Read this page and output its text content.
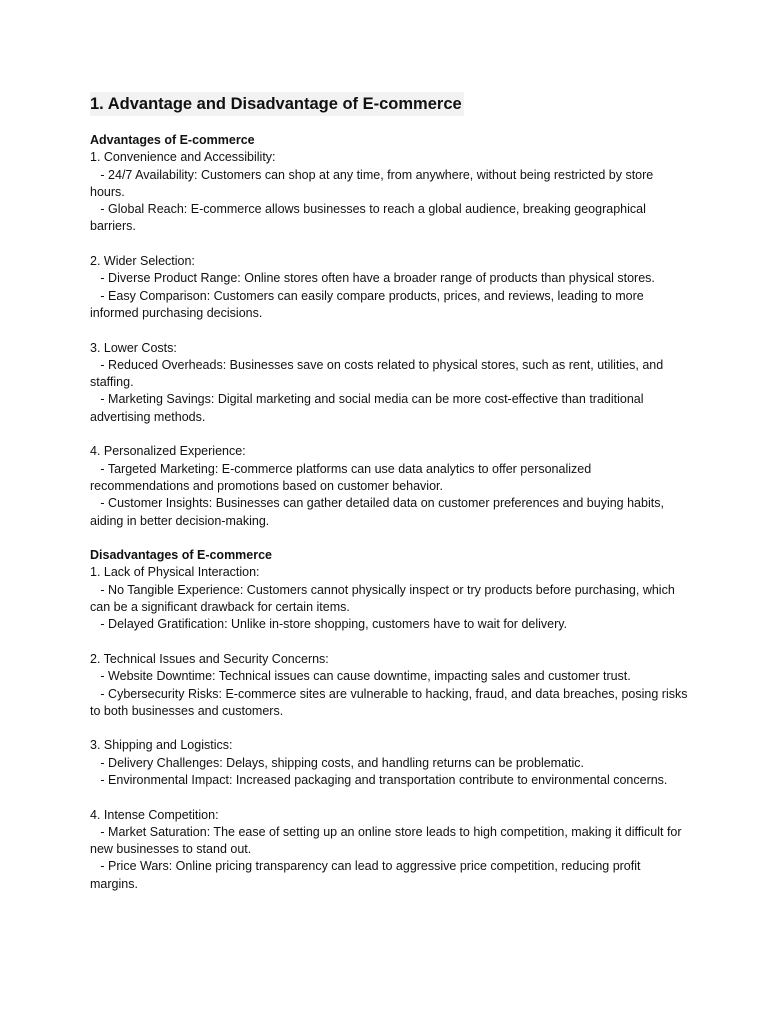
1. Advantage and Disadvantage of E-commerce
Advantages of E-commerce
1. Convenience and Accessibility:
- 24/7 Availability: Customers can shop at any time, from anywhere, without being restricted by store hours.
- Global Reach: E-commerce allows businesses to reach a global audience, breaking geographical barriers.
2. Wider Selection:
- Diverse Product Range: Online stores often have a broader range of products than physical stores.
- Easy Comparison: Customers can easily compare products, prices, and reviews, leading to more informed purchasing decisions.
3. Lower Costs:
- Reduced Overheads: Businesses save on costs related to physical stores, such as rent, utilities, and staffing.
- Marketing Savings: Digital marketing and social media can be more cost-effective than traditional advertising methods.
4. Personalized Experience:
- Targeted Marketing: E-commerce platforms can use data analytics to offer personalized recommendations and promotions based on customer behavior.
- Customer Insights: Businesses can gather detailed data on customer preferences and buying habits, aiding in better decision-making.
Disadvantages of E-commerce
1. Lack of Physical Interaction:
- No Tangible Experience: Customers cannot physically inspect or try products before purchasing, which can be a significant drawback for certain items.
- Delayed Gratification: Unlike in-store shopping, customers have to wait for delivery.
2. Technical Issues and Security Concerns:
- Website Downtime: Technical issues can cause downtime, impacting sales and customer trust.
- Cybersecurity Risks: E-commerce sites are vulnerable to hacking, fraud, and data breaches, posing risks to both businesses and customers.
3. Shipping and Logistics:
- Delivery Challenges: Delays, shipping costs, and handling returns can be problematic.
- Environmental Impact: Increased packaging and transportation contribute to environmental concerns.
4. Intense Competition:
- Market Saturation: The ease of setting up an online store leads to high competition, making it difficult for new businesses to stand out.
- Price Wars: Online pricing transparency can lead to aggressive price competition, reducing profit margins.
